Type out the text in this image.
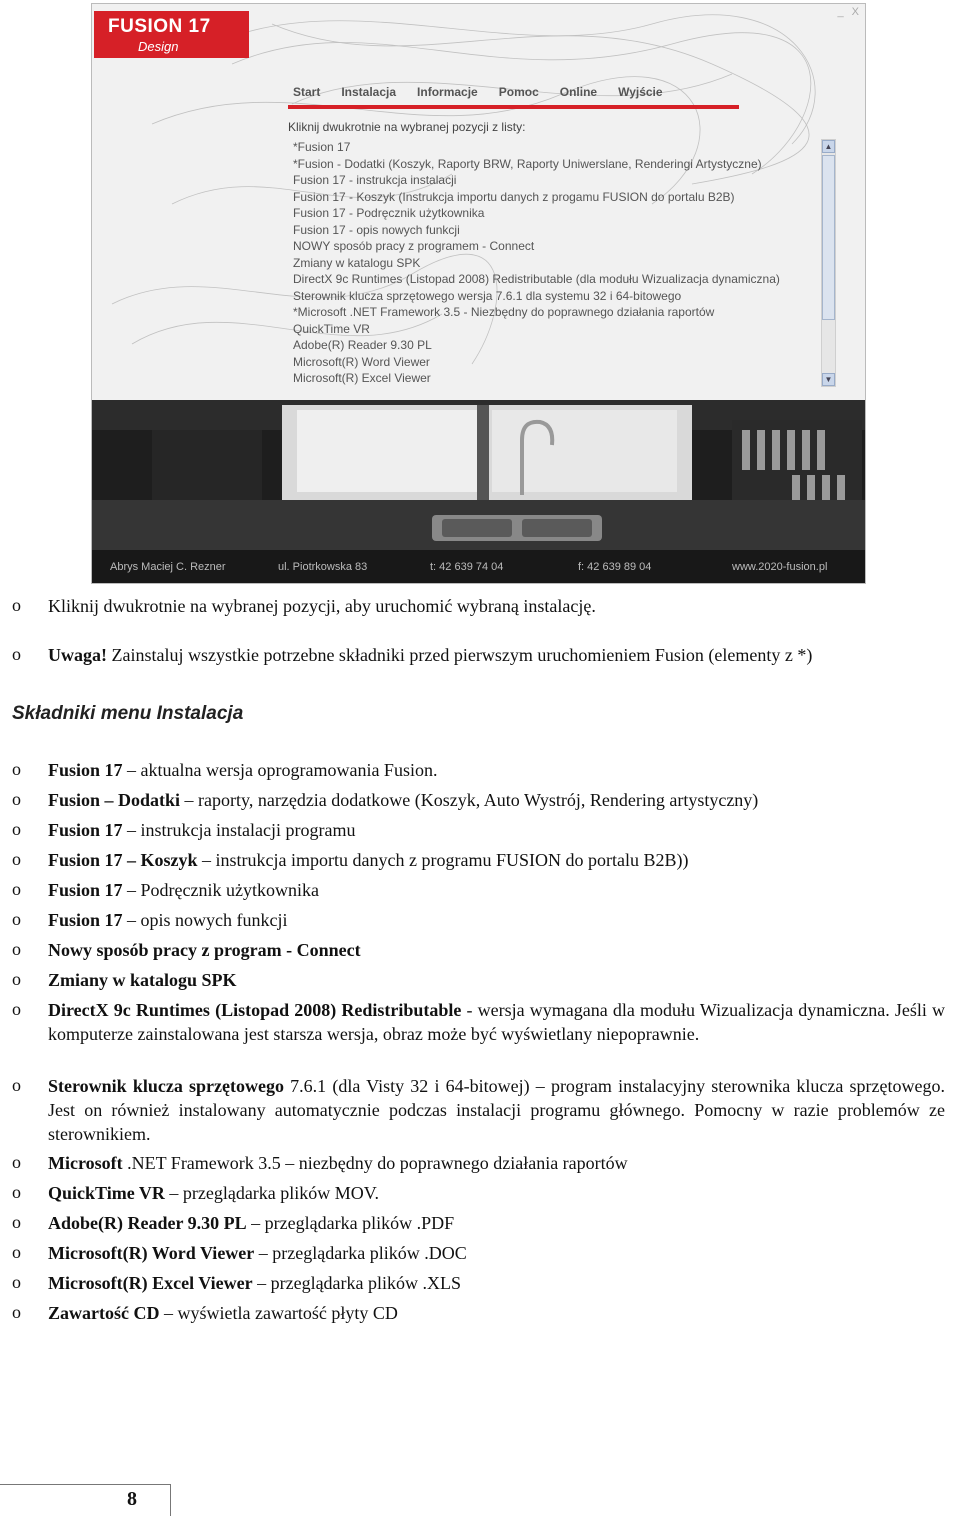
FUSION 17
Design
_ X
Start Instalacja Informacje Pomoc Online Wyjście
Kliknij dwukrotnie na wybranej pozycji z listy:
*Fusion 17
*Fusion - Dodatki (Koszyk, Raporty BRW, Raporty Uniwerslane, Renderingi Artystyczne)
Fusion 17 - instrukcja instalacji
Fusion 17 - Koszyk (Instrukcja importu danych z progamu FUSION do portalu B2B)
Fusion 17 - Podręcznik użytkownika
Fusion 17 - opis nowych funkcji
NOWY sposób pracy z programem - Connect
Zmiany w katalogu SPK
DirectX 9c Runtimes (Listopad 2008) Redistributable (dla modułu Wizualizacja dynamiczna)
Sterownik klucza sprzętowego wersja 7.6.1 dla systemu 32 i 64-bitowego
*Microsoft .NET Framework 3.5 - Niezbędny do poprawnego działania raportów
QuickTime VR
Adobe(R) Reader 9.30 PL
Microsoft(R) Word Viewer
Microsoft(R) Excel Viewer
▲
▼
Abrys Maciej C. Rezner	ul. Piotrkowska 83	t: 42 639 74 04	f: 42 639 89 04	www.2020-fusion.pl
o Kliknij dwukrotnie na wybranej pozycji, aby uruchomić wybraną instalację.
o Uwaga! Zainstaluj wszystkie potrzebne składniki przed pierwszym uruchomieniem Fusion (elementy z *)
Składniki menu Instalacja
o Fusion 17 – aktualna wersja oprogramowania Fusion.
o Fusion – Dodatki – raporty, narzędzia dodatkowe (Koszyk, Auto Wystrój, Rendering artystyczny)
o Fusion 17 – instrukcja instalacji programu
o Fusion 17 – Koszyk – instrukcja importu danych z programu FUSION do portalu B2B))
o Fusion 17 – Podręcznik użytkownika
o Fusion 17 – opis nowych funkcji
o Nowy sposób pracy z program - Connect
o Zmiany w katalogu SPK
o DirectX 9c Runtimes (Listopad 2008) Redistributable - wersja wymagana dla modułu Wizualizacja dynamiczna. Jeśli w komputerze zainstalowana jest starsza wersja, obraz może być wyświetlany niepoprawnie.
o Sterownik klucza sprzętowego 7.6.1 (dla Visty 32 i 64-bitowej) – program instalacyjny sterownika klucza sprzętowego. Jest on również instalowany automatycznie podczas instalacji programu głównego. Pomocny w razie problemów ze sterownikiem.
o Microsoft .NET Framework 3.5 – niezbędny do poprawnego działania raportów
o QuickTime VR – przeglądarka plików MOV.
o Adobe(R) Reader 9.30 PL – przeglądarka plików .PDF
o Microsoft(R) Word Viewer – przeglądarka plików .DOC
o Microsoft(R) Excel Viewer – przeglądarka plików .XLS
o Zawartość CD – wyświetla zawartość płyty CD
8
